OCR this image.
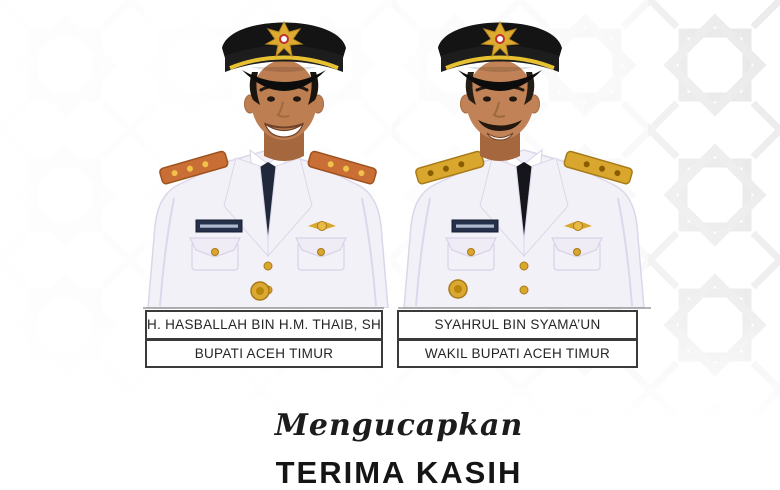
H. HASBALLAH BIN H.M. THAIB, SH
BUPATI ACEH TIMUR
SYAHRUL BIN SYAMA’UN
WAKIL BUPATI ACEH TIMUR
Mengucapkan
TERIMA KASIH
